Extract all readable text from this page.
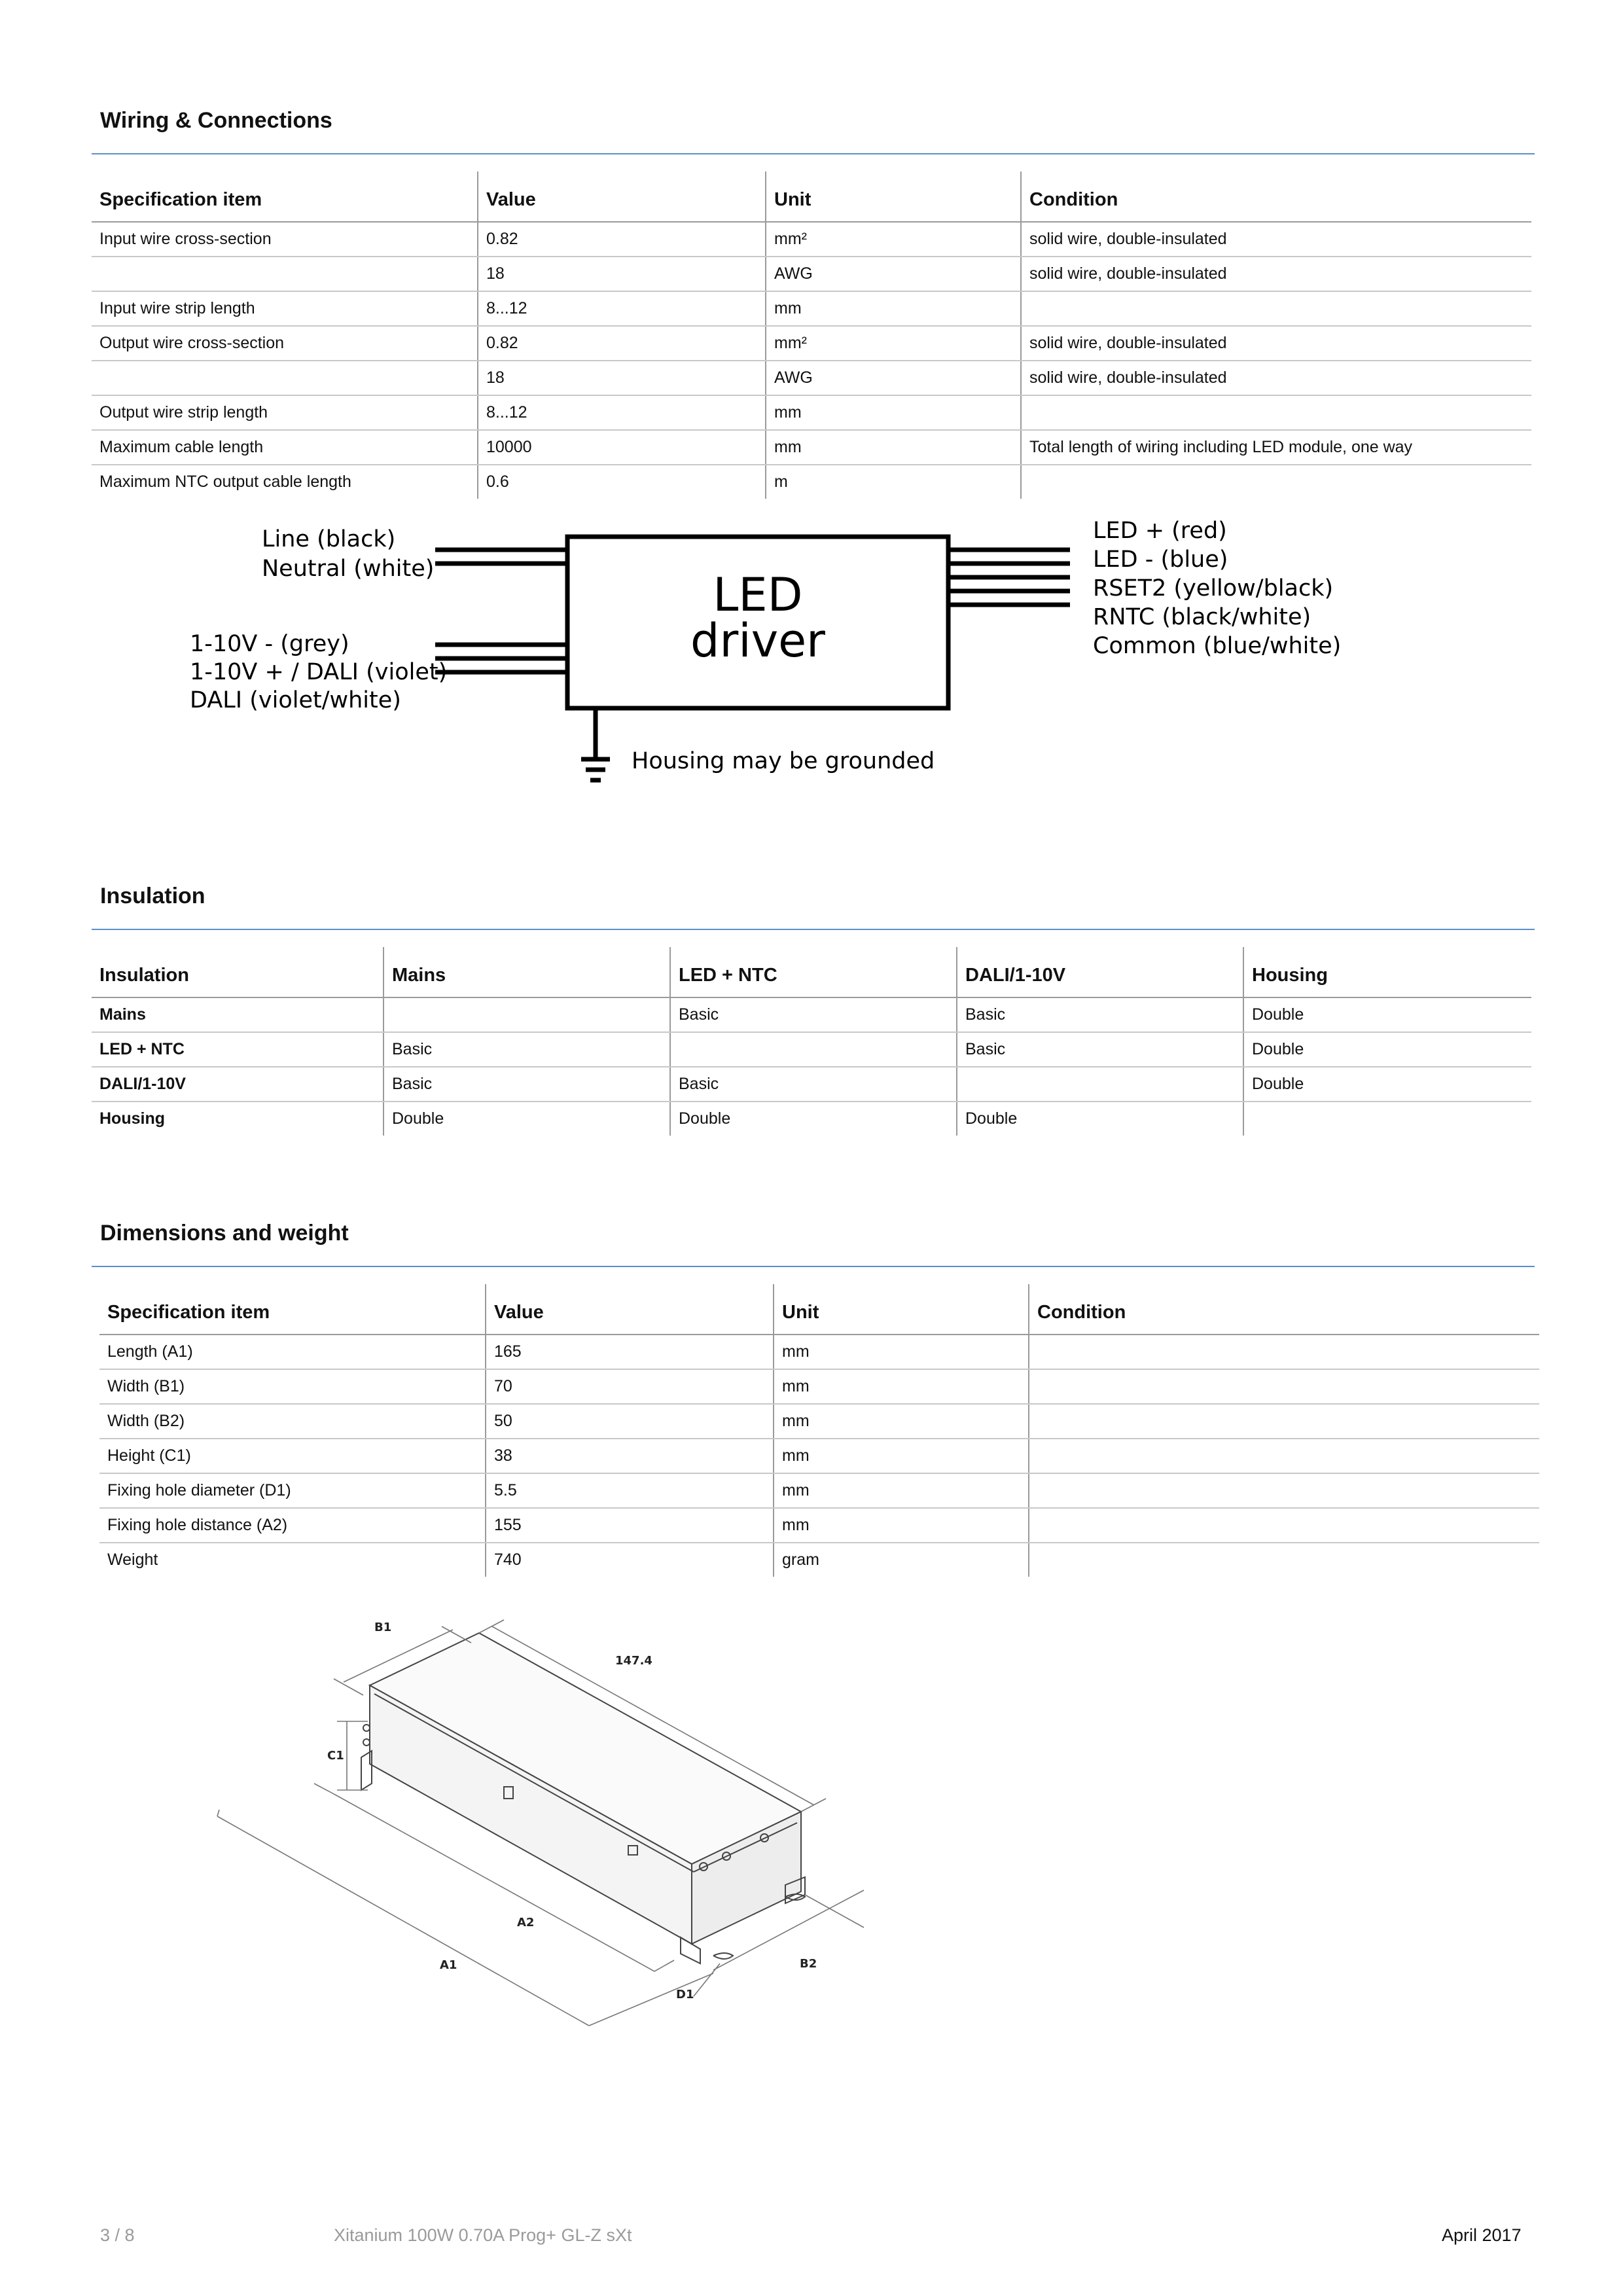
Wiring & Connections
Specification item	Value	Unit	Condition
Input wire cross-section	0.82	mm²	solid wire, double-insulated
	18	AWG	solid wire, double-insulated
Input wire strip length	8...12	mm	
Output wire cross-section	0.82	mm²	solid wire, double-insulated
	18	AWG	solid wire, double-insulated
Output wire strip length	8...12	mm	
Maximum cable length	10000	mm	Total length of wiring including LED module, one way
Maximum NTC output cable length	0.6	m	
LED
driver
Line (black)
Neutral (white)
1-10V - (grey)
1-10V + / DALI (violet)
DALI (violet/white)
LED + (red)
LED - (blue)
RSET2 (yellow/black)
RNTC (black/white)
Common (blue/white)
Housing may be grounded
Insulation
Insulation	Mains	LED + NTC	DALI/1-10V	Housing
Mains		Basic	Basic	Double
LED + NTC	Basic		Basic	Double
DALI/1-10V	Basic	Basic		Double
Housing	Double	Double	Double	
Dimensions and weight
Specification item	Value	Unit	Condition
Length (A1)	165	mm	
Width (B1)	70	mm	
Width (B2)	50	mm	
Height (C1)	38	mm	
Fixing hole diameter (D1)	5.5	mm	
Fixing hole distance (A2)	155	mm	
Weight	740	gram	
B1
147.4
C1
A2
A1	B2
D1
3 / 8	Xitanium 100W 0.70A Prog+ GL-Z sXt	April 2017
